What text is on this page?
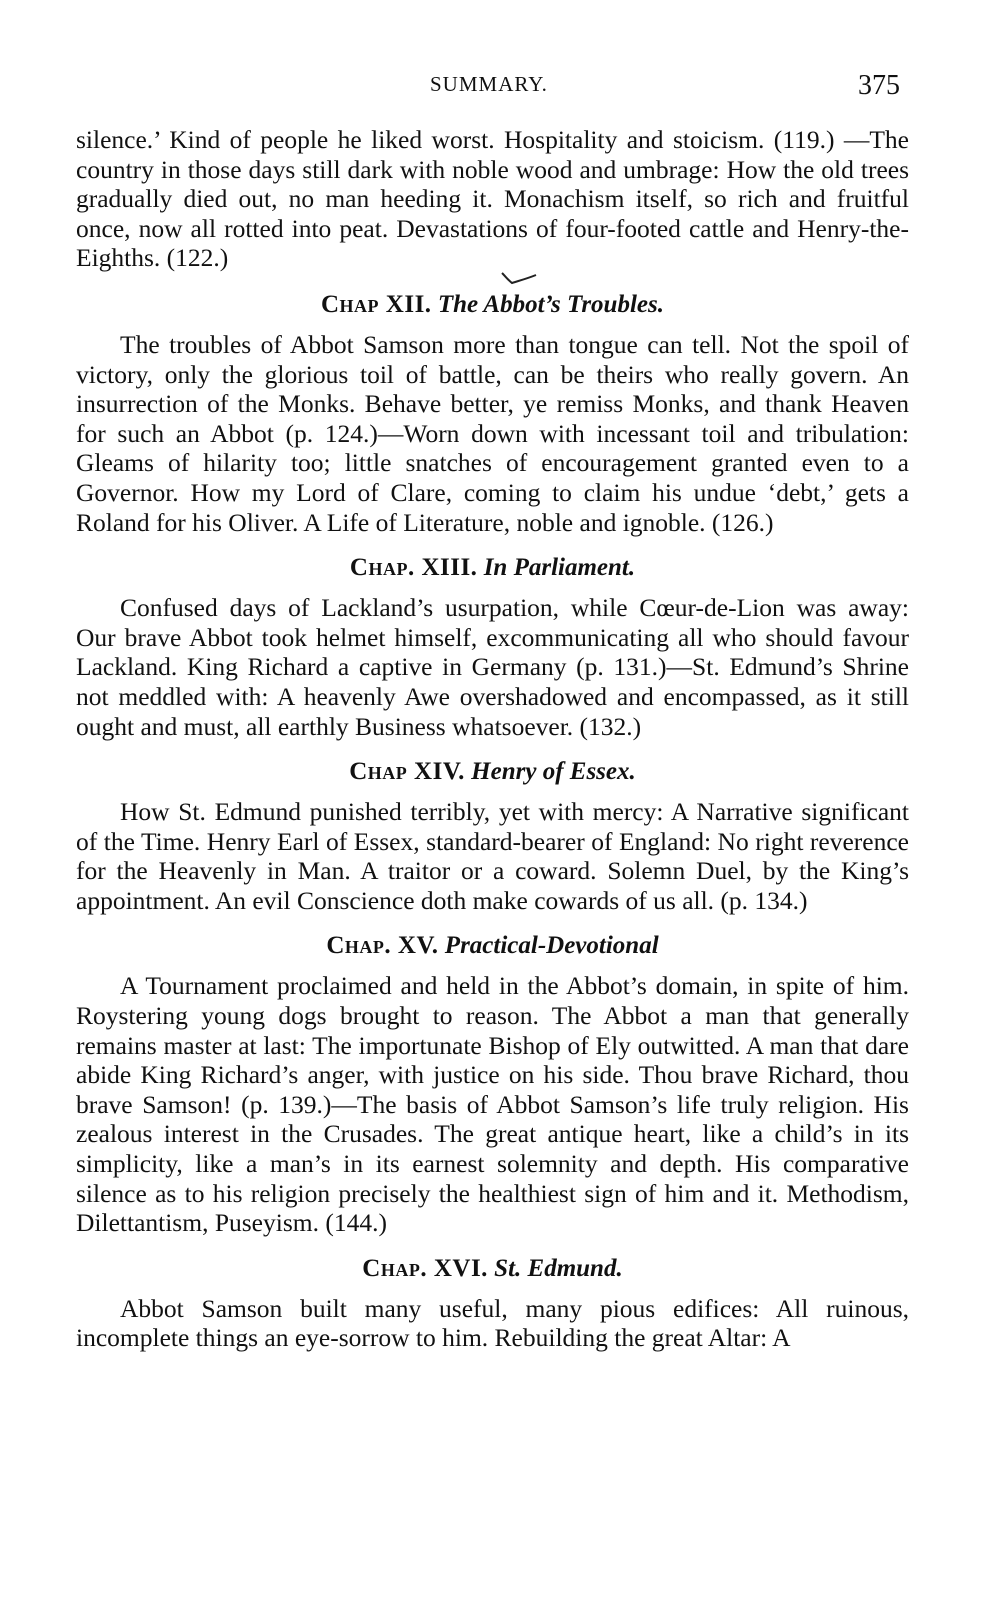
SUMMARY.	375

silence.’ Kind of people he liked worst. Hospitality and stoicism. (119.) —The country in those days still dark with noble wood and umbrage: How the old trees gradually died out, no man heeding it. Monachism itself, so rich and fruitful once, now all rotted into peat. Devastations of four-footed cattle and Henry-the-Eighths. (122.)

Chap XII. The Abbot’s Troubles.

The troubles of Abbot Samson more than tongue can tell. Not the spoil of victory, only the glorious toil of battle, can be theirs who really govern. An insurrection of the Monks. Behave better, ye remiss Monks, and thank Heaven for such an Abbot (p. 124.)—Worn down with incessant toil and tribulation: Gleams of hilarity too; little snatches of encouragement granted even to a Governor. How my Lord of Clare, coming to claim his undue ‘debt,’ gets a Roland for his Oliver. A Life of Literature, noble and ignoble. (126.)

Chap. XIII. In Parliament.

Confused days of Lackland’s usurpation, while Cœur-de-Lion was away: Our brave Abbot took helmet himself, excommunicating all who should favour Lackland. King Richard a captive in Germany (p. 131.)—St. Edmund’s Shrine not meddled with: A heavenly Awe overshadowed and encompassed, as it still ought and must, all earthly Business whatsoever. (132.)

Chap XIV. Henry of Essex.

How St. Edmund punished terribly, yet with mercy: A Narrative significant of the Time. Henry Earl of Essex, standard-bearer of England: No right reverence for the Heavenly in Man. A traitor or a coward. Solemn Duel, by the King’s appointment. An evil Conscience doth make cowards of us all. (p. 134.)

Chap. XV. Practical-Devotional

A Tournament proclaimed and held in the Abbot’s domain, in spite of him. Roystering young dogs brought to reason. The Abbot a man that generally remains master at last: The importunate Bishop of Ely outwitted. A man that dare abide King Richard’s anger, with justice on his side. Thou brave Richard, thou brave Samson! (p. 139.)—The basis of Abbot Samson’s life truly religion. His zealous interest in the Crusades. The great antique heart, like a child’s in its simplicity, like a man’s in its earnest solemnity and depth. His comparative silence as to his religion precisely the healthiest sign of him and it. Methodism, Dilettantism, Puseyism. (144.)

Chap. XVI. St. Edmund.

Abbot Samson built many useful, many pious edifices: All ruinous, incomplete things an eye-sorrow to him. Rebuilding the great Altar: A
